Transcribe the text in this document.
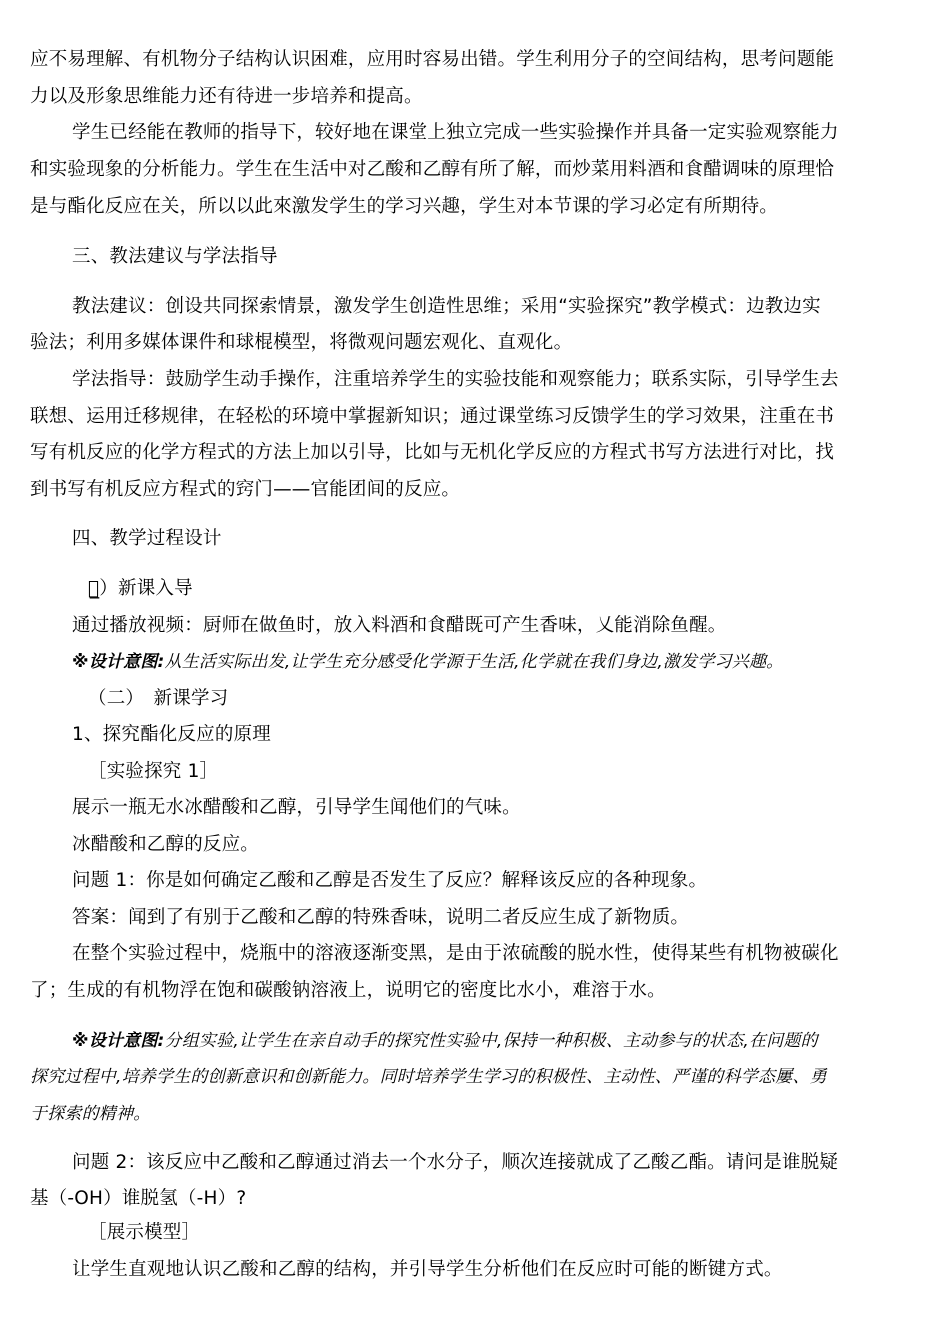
应不易理解、有机物分子结构认识困难，应用时容易出错。学生利用分子的空间结构，思考问题能
力以及形象思维能力还有待进一步培养和提高。
学生已经能在教师的指导下，较好地在课堂上独立完成一些实验操作并具备一定实验观察能力
和实验现象的分析能力。学生在生活中对乙酸和乙醇有所了解，而炒菜用料酒和食醋调味的原理恰
是与酯化反应在关，所以以此來激发学生的学习兴趣，学生对本节课的学习必定有所期待。
三、教法建议与学法指导
教法建议：创设共同探索情景，激发学生创造性思维；采用“实验探究”教学模式：边教边实
验法；利用多媒体课件和球棍模型，将微观问题宏观化、直观化。
学法指导：鼓励学生动手操作，注重培养学生的实验技能和观察能力；联系实际，引导学生去
联想、运用迁移规律，在轻松的环境中掌握新知识；通过课堂练习反馈学生的学习效果，注重在书
写有机反应的化学方程式的方法上加以引导，比如与无机化学反应的方程式书写方法进行对比，找
到书写有机反应方程式的窍门——官能团间的反应。
四、教学过程设计
（̲）新课入导
通过播放视频：厨师在做鱼时，放入料酒和食醋既可产生香味，乂能消除鱼醒。
※设计意图:从生活实际出发,让学生充分感受化学源于生活,化学就在我们身边,激发学习兴趣。
（二）　新课学习
1、探究酯化反应的原理
［实验探究 1］
展示一瓶无水冰醋酸和乙醇，引导学生闻他们的气味。
冰醋酸和乙醇的反应。
问题 1：你是如何确定乙酸和乙醇是否发生了反应？解释该反应的各种现象。
答案：闻到了有别于乙酸和乙醇的特殊香味，说明二者反应生成了新物质。
在整个实验过程中，烧瓶中的溶液逐渐变黑，是由于浓硫酸的脱水性，使得某些有机物被碳化
了；生成的有机物浮在饱和碳酸钠溶液上，说明它的密度比水小，难溶于水。
※设计意图:分组实验,让学生在亲自动手的探究性实验中,保持一种积极、主动参与的状态,在问题的
探究过程中,培养学生的创新意识和创新能力。同时培养学生学习的积极性、主动性、严谨的科学态屢、勇
于探索的精神。
问题 2：该反应中乙酸和乙醇通过消去一个水分子，顺次连接就成了乙酸乙酯。请问是谁脱疑
基（-OH）谁脱氢（-H）?
［展示模型］
让学生直观地认识乙酸和乙醇的结构，并引导学生分析他们在反应时可能的断键方式。
